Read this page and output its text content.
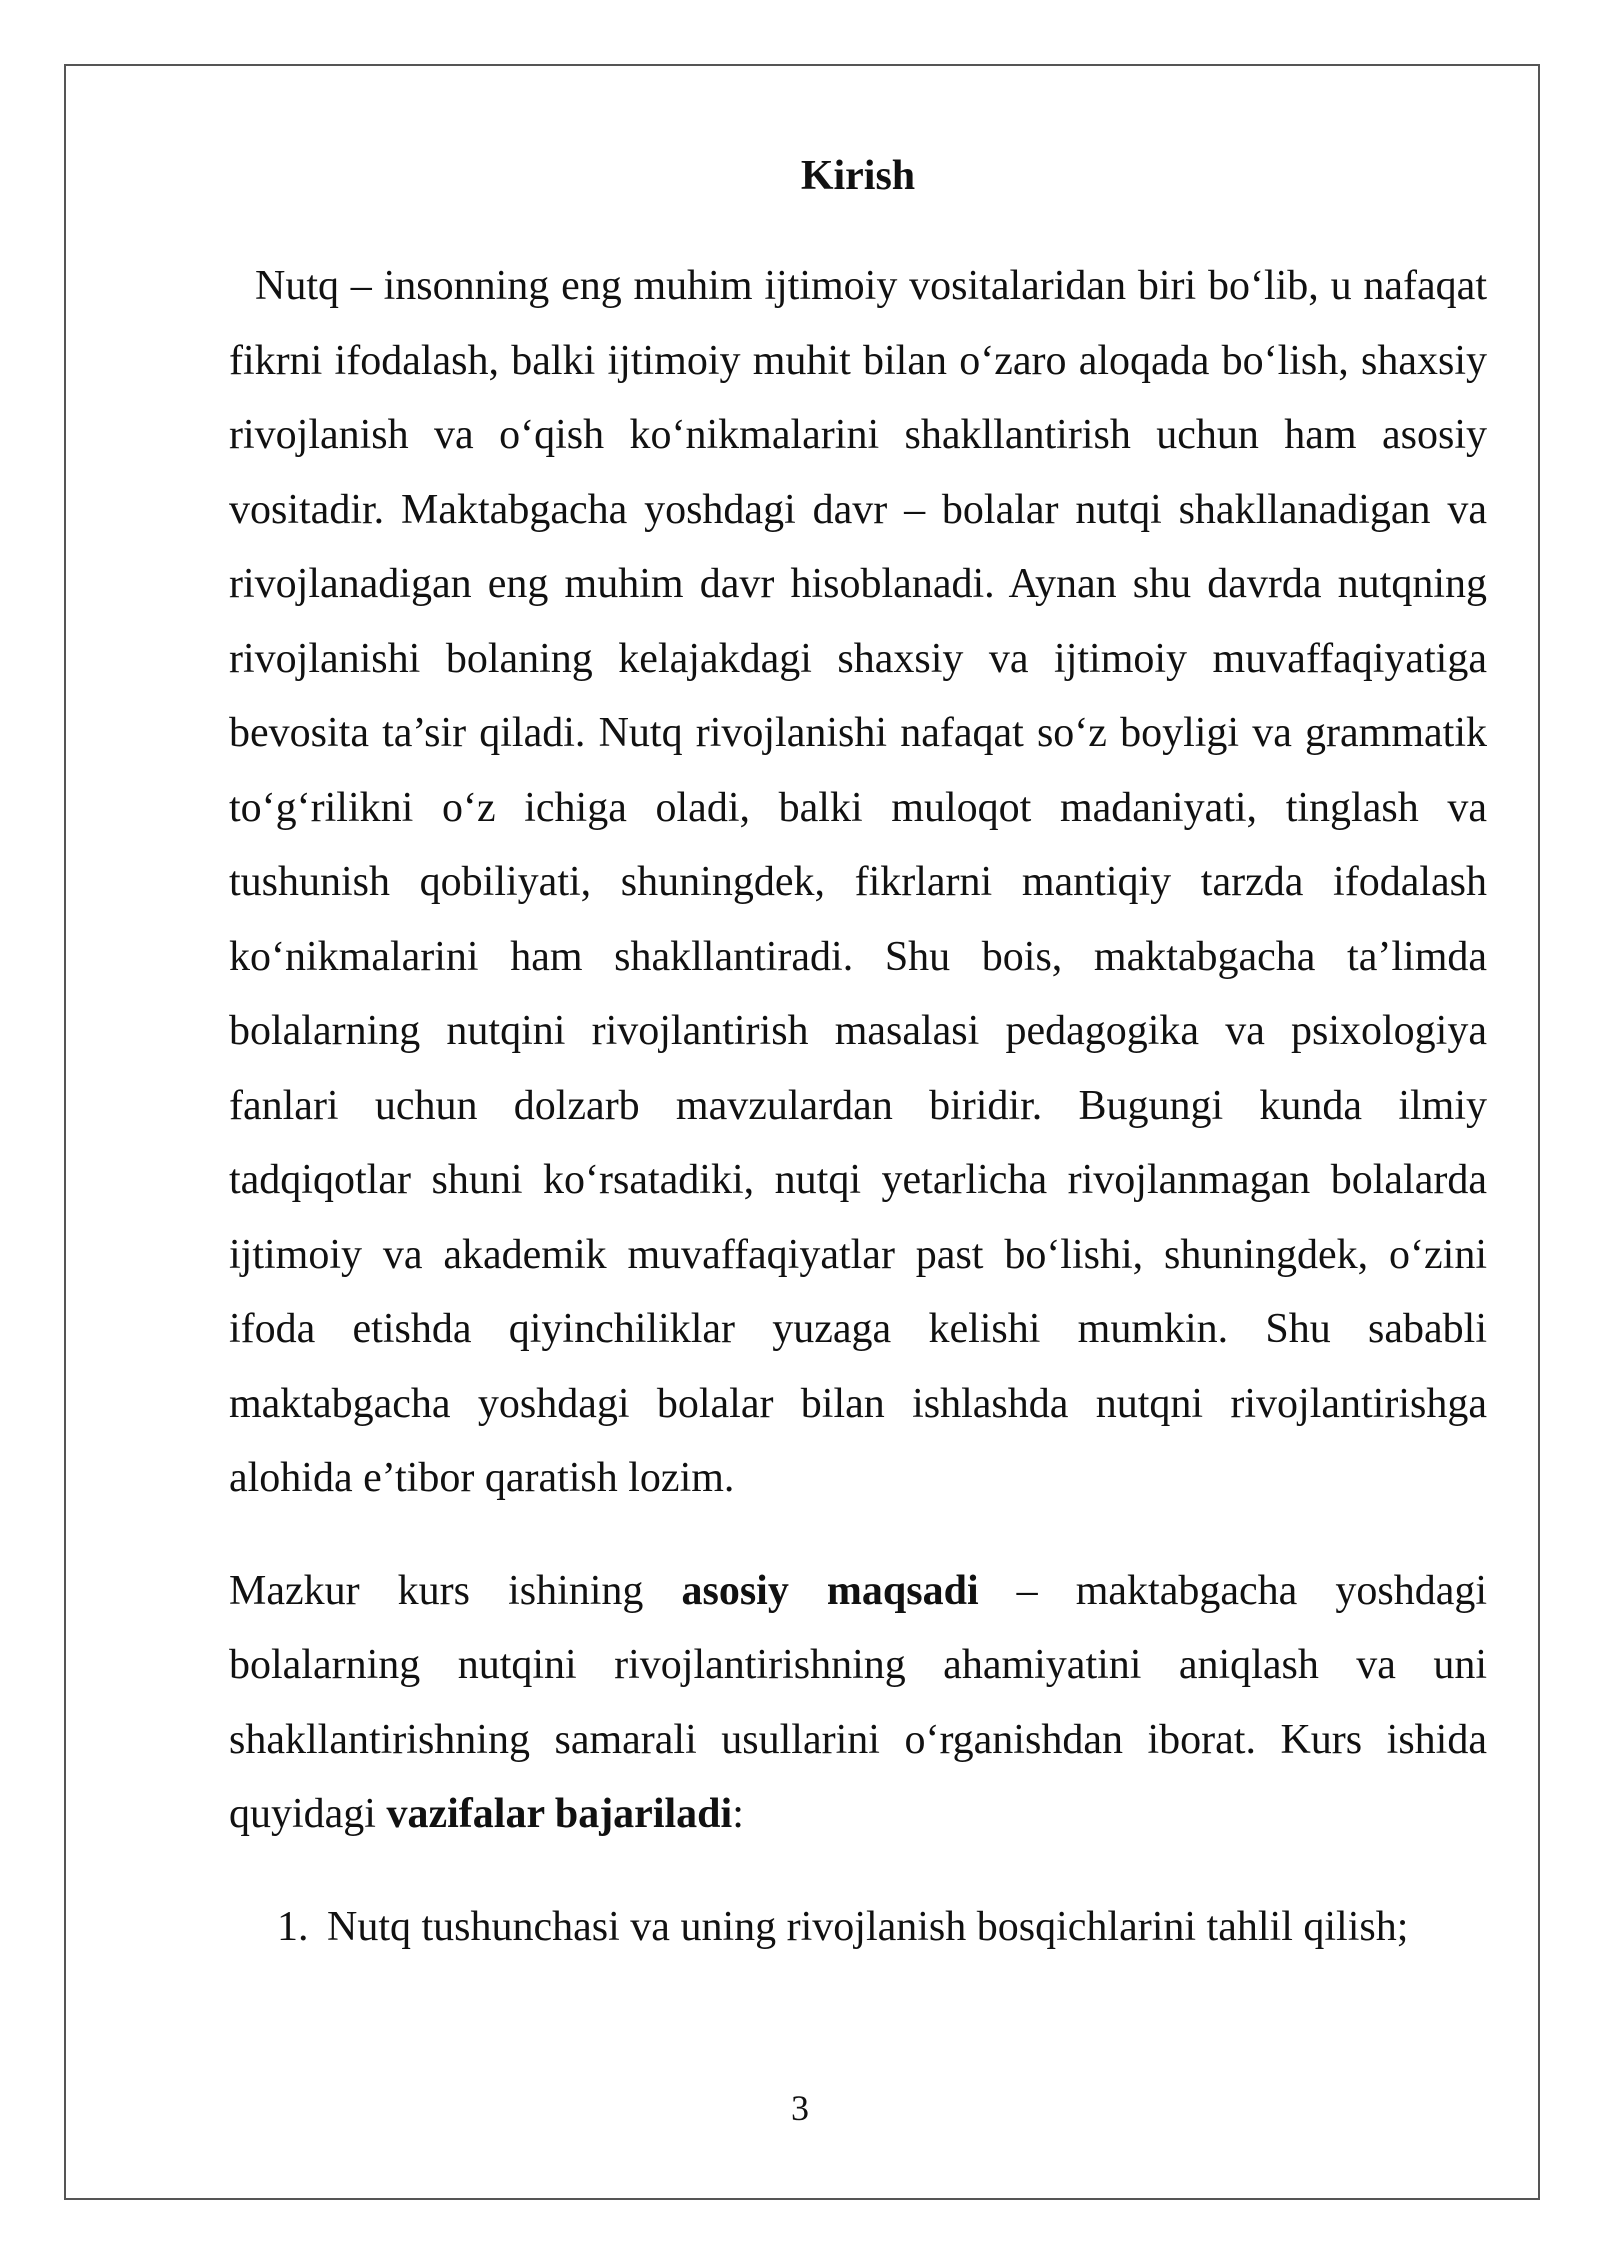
Kirish

Nutq – insonning eng muhim ijtimoiy vositalaridan biri bo‘lib, u nafaqat fikrni ifodalash, balki ijtimoiy muhit bilan o‘zaro aloqada bo‘lish, shaxsiy rivojlanish va o‘qish ko‘nikmalarini shakllantirish uchun ham asosiy vositadir. Maktabgacha yoshdagi davr – bolalar nutqi shakllanadigan va rivojlanadigan eng muhim davr hisoblanadi. Aynan shu davrda nutqning rivojlanishi bolaning kelajakdagi shaxsiy va ijtimoiy muvaffaqiyatiga bevosita ta’sir qiladi. Nutq rivojlanishi nafaqat so‘z boyligi va grammatik to‘g‘rilikni o‘z ichiga oladi, balki muloqot madaniyati, tinglash va tushunish qobiliyati, shuningdek, fikrlarni mantiqiy tarzda ifodalash ko‘nikmalarini ham shakllantiradi. Shu bois, maktabgacha ta’limda bolalarning nutqini rivojlantirish masalasi pedagogika va psixologiya fanlari uchun dolzarb mavzulardan biridir. Bugungi kunda ilmiy tadqiqotlar shuni ko‘rsatadiki, nutqi yetarlicha rivojlanmagan bolalarda ijtimoiy va akademik muvaffaqiyatlar past bo‘lishi, shuningdek, o‘zini ifoda etishda qiyinchiliklar yuzaga kelishi mumkin. Shu sababli maktabgacha yoshdagi bolalar bilan ishlashda nutqni rivojlantirishga alohida e’tibor qaratish lozim.

Mazkur kurs ishining asosiy maqsadi – maktabgacha yoshdagi bolalarning nutqini rivojlantirishning ahamiyatini aniqlash va uni shakllantirishning samarali usullarini o‘rganishdan iborat. Kurs ishida quyidagi vazifalar bajariladi:

1. Nutq tushunchasi va uning rivojlanish bosqichlarini tahlil qilish;
3
